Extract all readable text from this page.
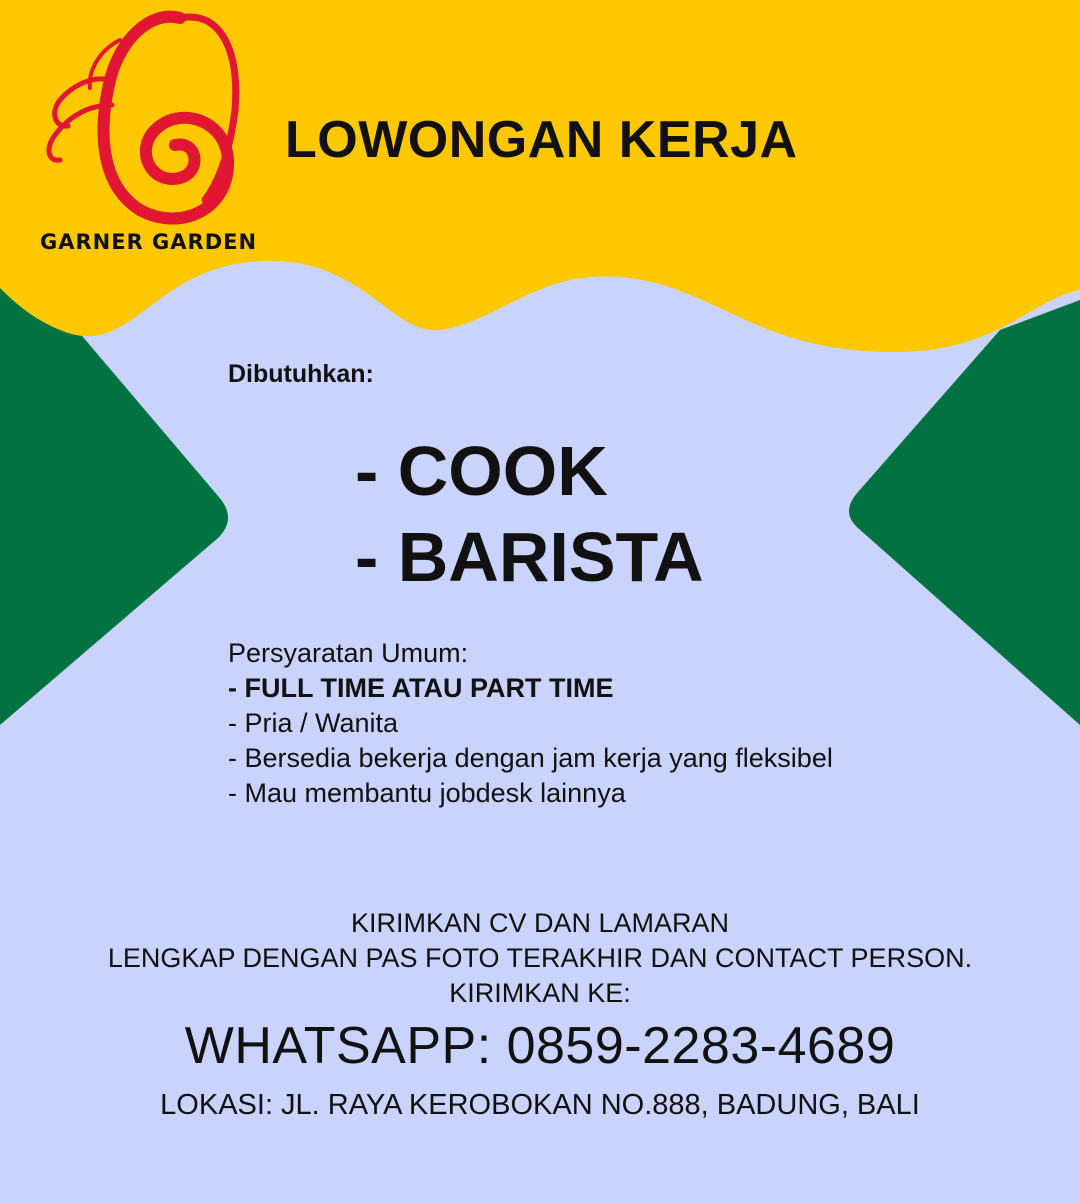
GARNER GARDEN
LOWONGAN KERJA
Dibutuhkan:
- COOK
- BARISTA
Persyaratan Umum:
- FULL TIME ATAU PART TIME
- Pria / Wanita
- Bersedia bekerja dengan jam kerja yang fleksibel
- Mau membantu jobdesk lainnya
KIRIMKAN CV DAN LAMARAN
LENGKAP DENGAN PAS FOTO TERAKHIR DAN CONTACT PERSON.
KIRIMKAN KE:
WHATSAPP: 0859-2283-4689
LOKASI: JL. RAYA KEROBOKAN NO.888, BADUNG, BALI
